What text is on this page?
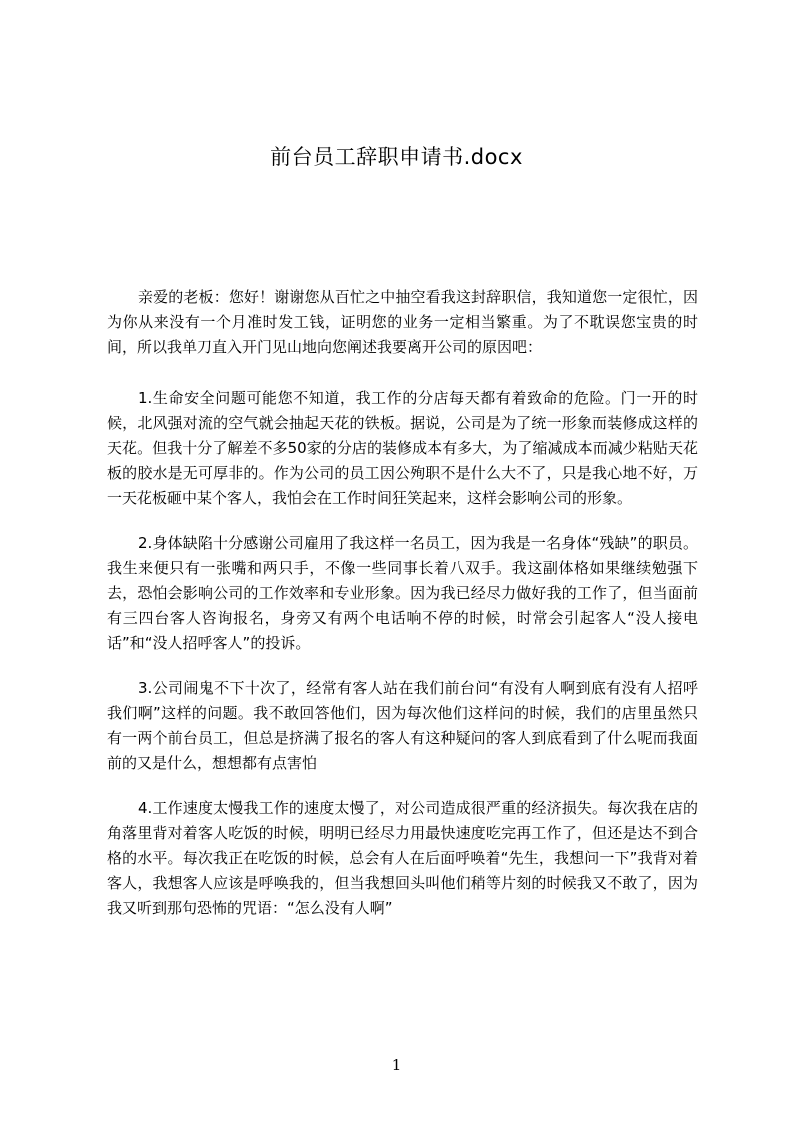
前台员工辞职申请书.docx

亲爱的老板：您好！谢谢您从百忙之中抽空看我这封辞职信，我知道您一定很忙，因为你从来没有一个月准时发工钱，证明您的业务一定相当繁重。为了不耽误您宝贵的时间，所以我单刀直入开门见山地向您阐述我要离开公司的原因吧：

1.生命安全问题可能您不知道，我工作的分店每天都有着致命的危险。门一开的时候，北风强对流的空气就会抽起天花的铁板。据说，公司是为了统一形象而装修成这样的天花。但我十分了解差不多50家的分店的装修成本有多大，为了缩减成本而减少粘贴天花板的胶水是无可厚非的。作为公司的员工因公殉职不是什么大不了，只是我心地不好，万一天花板砸中某个客人，我怕会在工作时间狂笑起来，这样会影响公司的形象。

2.身体缺陷十分感谢公司雇用了我这样一名员工，因为我是一名身体“残缺”的职员。我生来便只有一张嘴和两只手，不像一些同事长着八双手。我这副体格如果继续勉强下去，恐怕会影响公司的工作效率和专业形象。因为我已经尽力做好我的工作了，但当面前有三四台客人咨询报名，身旁又有两个电话响不停的时候，时常会引起客人“没人接电话”和“没人招呼客人”的投诉。

3.公司闹鬼不下十次了，经常有客人站在我们前台问“有没有人啊到底有没有人招呼我们啊”这样的问题。我不敢回答他们，因为每次他们这样问的时候，我们的店里虽然只有一两个前台员工，但总是挤满了报名的客人有这种疑问的客人到底看到了什么呢而我面前的又是什么，想想都有点害怕

4.工作速度太慢我工作的速度太慢了，对公司造成很严重的经济损失。每次我在店的角落里背对着客人吃饭的时候，明明已经尽力用最快速度吃完再工作了，但还是达不到合格的水平。每次我正在吃饭的时候，总会有人在后面呼唤着“先生，我想问一下”我背对着客人，我想客人应该是呼唤我的，但当我想回头叫他们稍等片刻的时候我又不敢了，因为我又听到那句恐怖的咒语：“怎么没有人啊”

1
